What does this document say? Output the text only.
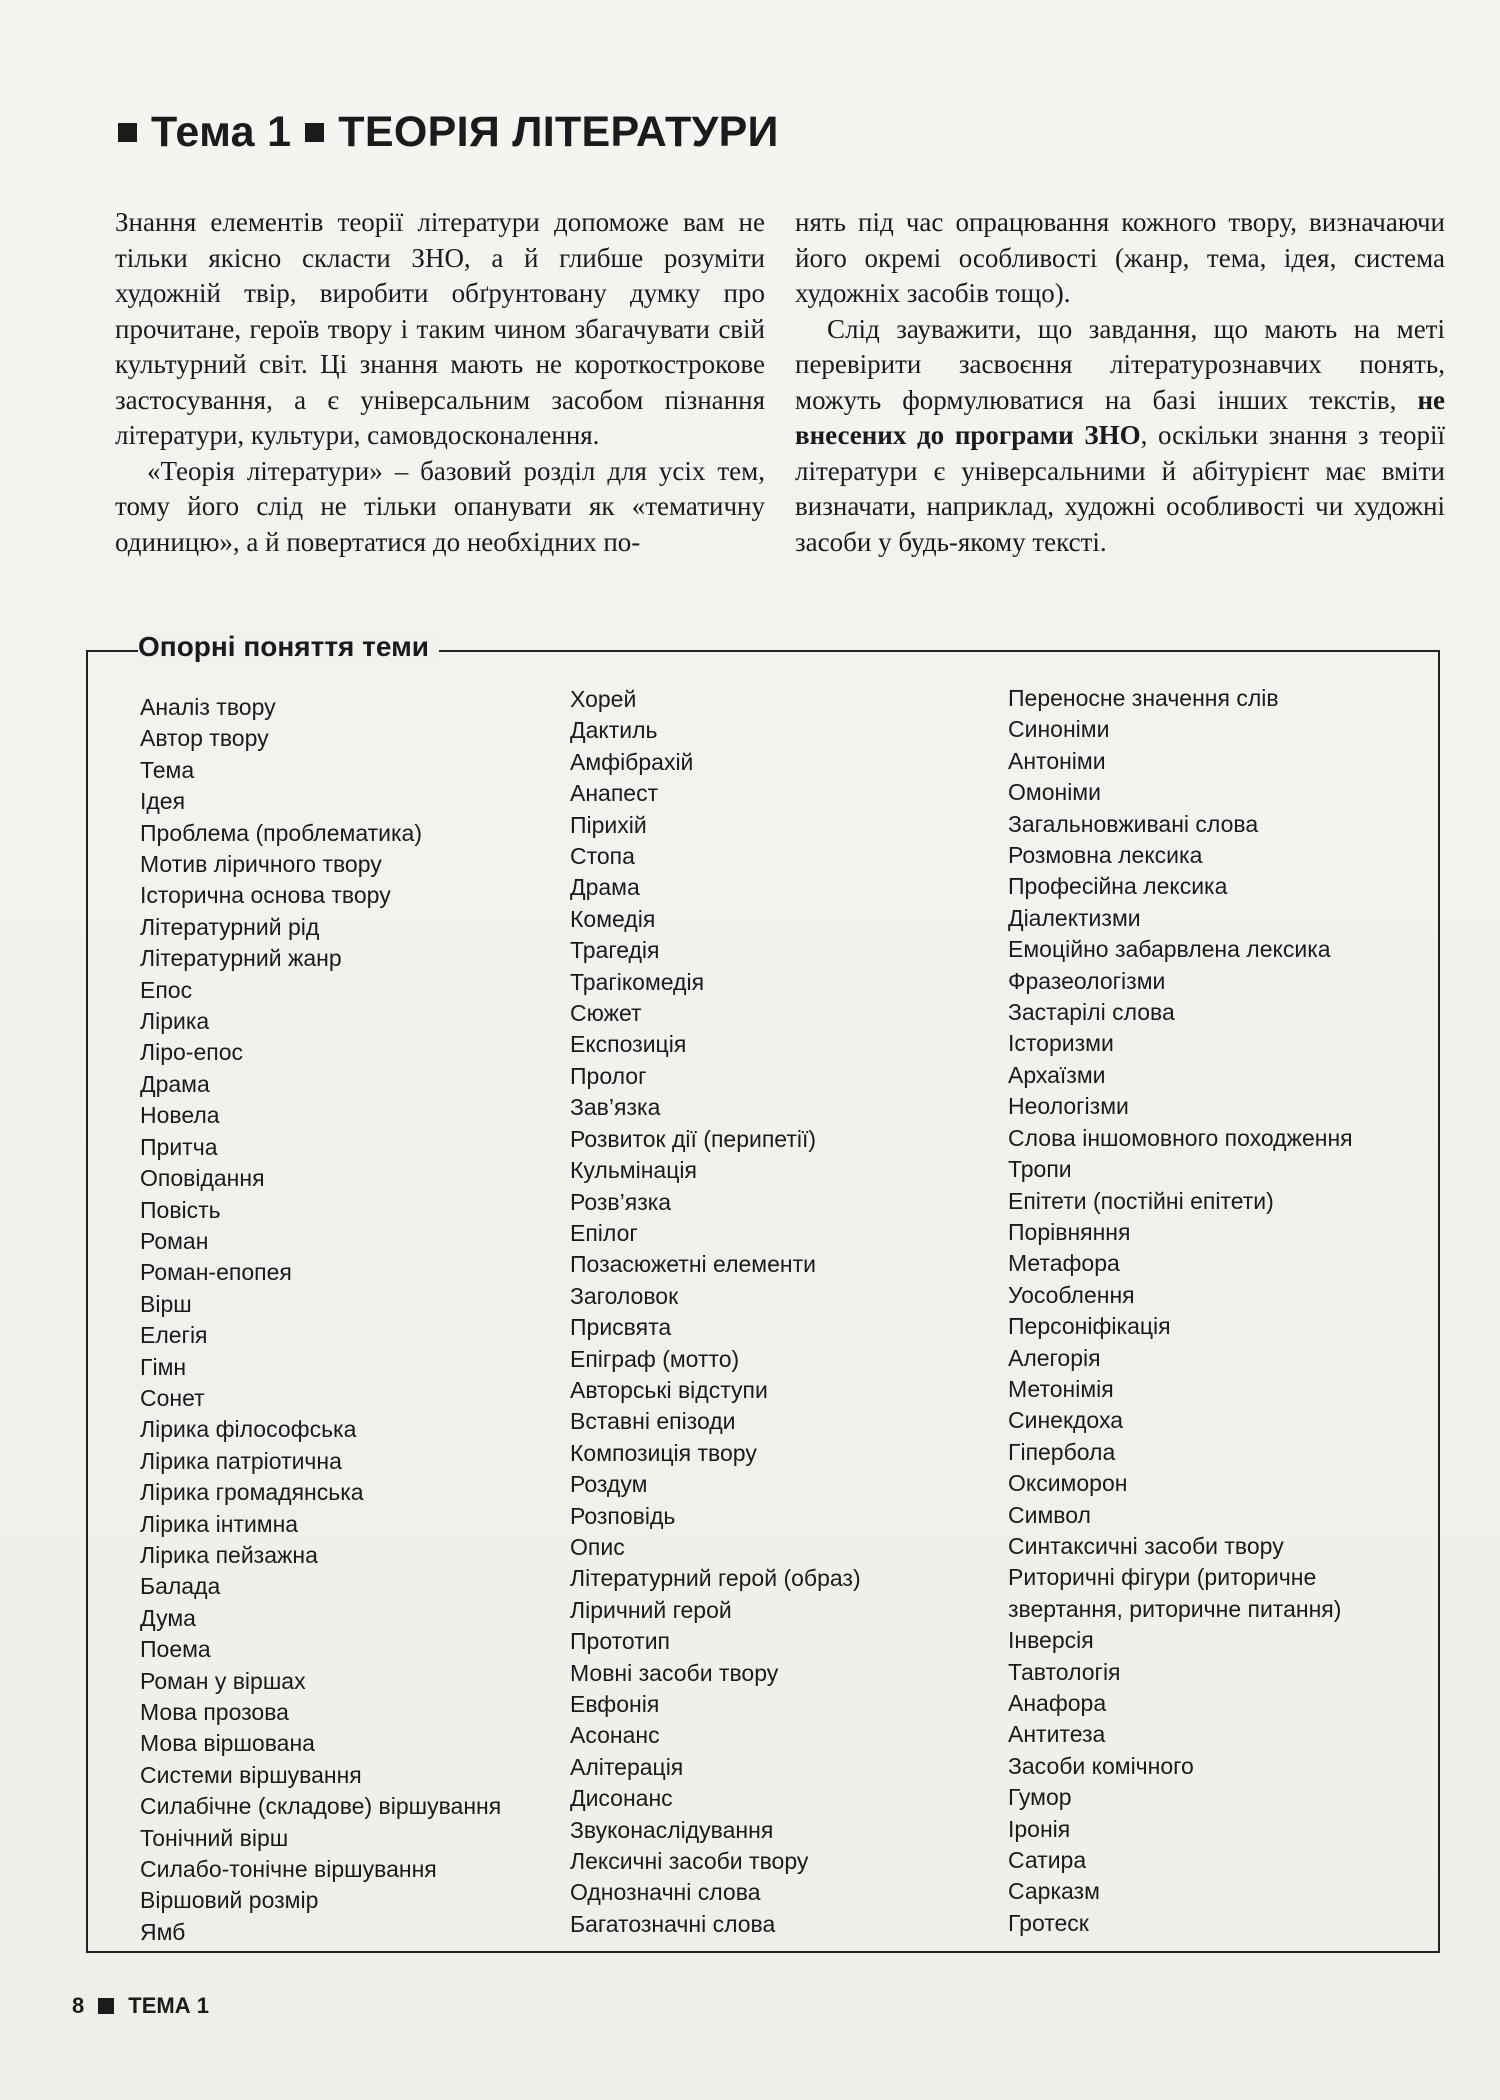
Тема 1 ТЕОРІЯ ЛІТЕРАТУРИ

Знання елементів теорії літератури допоможе вам не тільки якісно скласти ЗНО, а й глибше розуміти художній твір, виробити обґрунтовану думку про прочитане, героїв твору і таким чином збагачувати свій культурний світ. Ці знання мають не короткострокове застосування, а є універсальним засобом пізнання літератури, культури, самовдосконалення.

«Теорія літератури» – базовий розділ для усіх тем, тому його слід не тільки опанувати як «тематичну одиницю», а й повертатися до необхідних по-

нять під час опрацювання кожного твору, визначаючи його окремі особливості (жанр, тема, ідея, система художніх засобів тощо).

Слід зауважити, що завдання, що мають на меті перевірити засвоєння літературознавчих понять, можуть формулюватися на базі інших текстів, не внесених до програми ЗНО, оскільки знання з теорії літератури є універсальними й абітурієнт має вміти визначати, наприклад, художні особливості чи художні засоби у будь-якому тексті.

Опорні поняття теми
Аналіз твору
Автор твору
Тема
Ідея
Проблема (проблематика)
Мотив ліричного твору
Історична основа твору
Літературний рід
Літературний жанр
Епос
Лірика
Ліро-епос
Драма
Новела
Притча
Оповідання
Повість
Роман
Роман-епопея
Вірш
Елегія
Гімн
Сонет
Лірика філософська
Лірика патріотична
Лірика громадянська
Лірика інтимна
Лірика пейзажна
Балада
Дума
Поема
Роман у віршах
Мова прозова
Мова віршована
Системи віршування
Силабічне (складове) віршування
Тонічний вірш
Силабо-тонічне віршування
Віршовий розмір
Ямб
Хорей
Дактиль
Амфібрахій
Анапест
Пірихій
Стопа
Драма
Комедія
Трагедія
Трагікомедія
Сюжет
Експозиція
Пролог
Зав’язка
Розвиток дії (перипетії)
Кульмінація
Розв’язка
Епілог
Позасюжетні елементи
Заголовок
Присвята
Епіграф (мотто)
Авторські відступи
Вставні епізоди
Композиція твору
Роздум
Розповідь
Опис
Літературний герой (образ)
Ліричний герой
Прототип
Мовні засоби твору
Евфонія
Асонанс
Алітерація
Дисонанс
Звуконаслідування
Лексичні засоби твору
Однозначні слова
Багатозначні слова
Переносне значення слів
Синоніми
Антоніми
Омоніми
Загальновживані слова
Розмовна лексика
Професійна лексика
Діалектизми
Емоційно забарвлена лексика
Фразеологізми
Застарілі слова
Історизми
Архаїзми
Неологізми
Слова іншомовного походження
Тропи
Епітети (постійні епітети)
Порівняння
Метафора
Уособлення
Персоніфікація
Алегорія
Метонімія
Синекдоха
Гіпербола
Оксиморон
Символ
Синтаксичні засоби твору
Риторичні фігури (риторичне звертання, риторичне питання)
Інверсія
Тавтологія
Анафора
Антитеза
Засоби комічного
Гумор
Іронія
Сатира
Сарказм
Гротеск
8 ТЕМА 1
